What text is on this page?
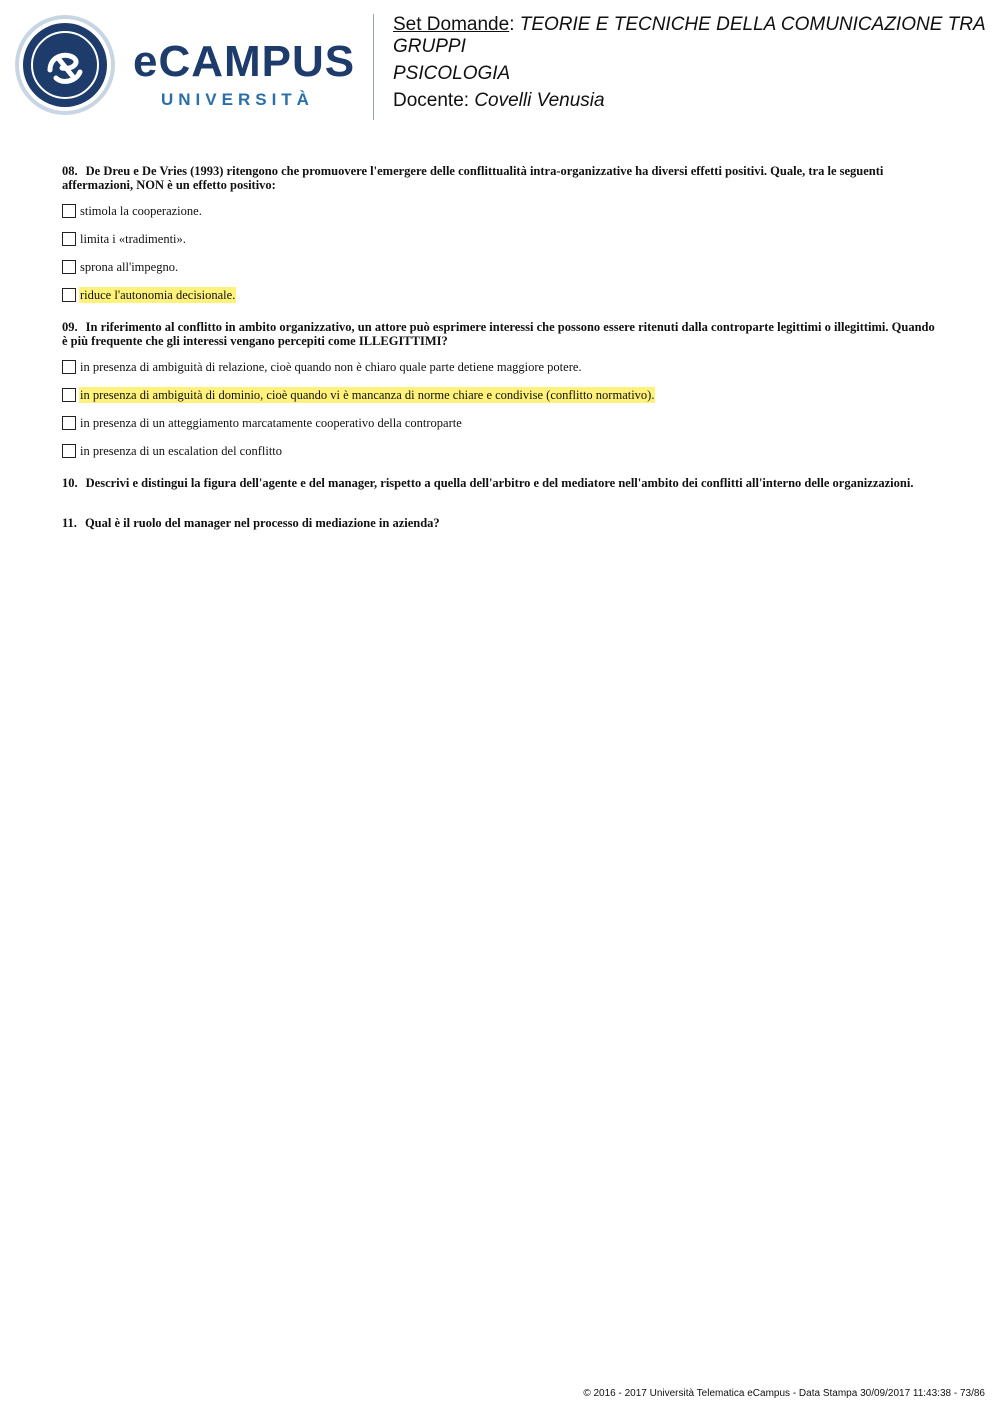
eCAMPUS
UNIVERSITÀ
Set Domande: TEORIE E TECNICHE DELLA COMUNICAZIONE TRA GRUPPI
PSICOLOGIA
Docente: Covelli Venusia

08. De Dreu e De Vries (1993) ritengono che promuovere l'emergere delle conflittualità intra-organizzative ha diversi effetti positivi. Quale, tra le seguenti affermazioni, NON è un effetto positivo:

stimola la cooperazione.
limita i «tradimenti».
sprona all'impegno.
riduce l'autonomia decisionale.

09. In riferimento al conflitto in ambito organizzativo, un attore può esprimere interessi che possono essere ritenuti dalla controparte legittimi o illegittimi. Quando è più frequente che gli interessi vengano percepiti come ILLEGITTIMI?

in presenza di ambiguità di relazione, cioè quando non è chiaro quale parte detiene maggiore potere.
in presenza di ambiguità di dominio, cioè quando vi è mancanza di norme chiare e condivise (conflitto normativo).
in presenza di un atteggiamento marcatamente cooperativo della controparte
in presenza di un escalation del conflitto

10. Descrivi e distingui la figura dell'agente e del manager, rispetto a quella dell'arbitro e del mediatore nell'ambito dei conflitti all'interno delle organizzazioni.

11. Qual è il ruolo del manager nel processo di mediazione in azienda?

© 2016 - 2017 Università Telematica eCampus - Data Stampa 30/09/2017 11:43:38 - 73/86
